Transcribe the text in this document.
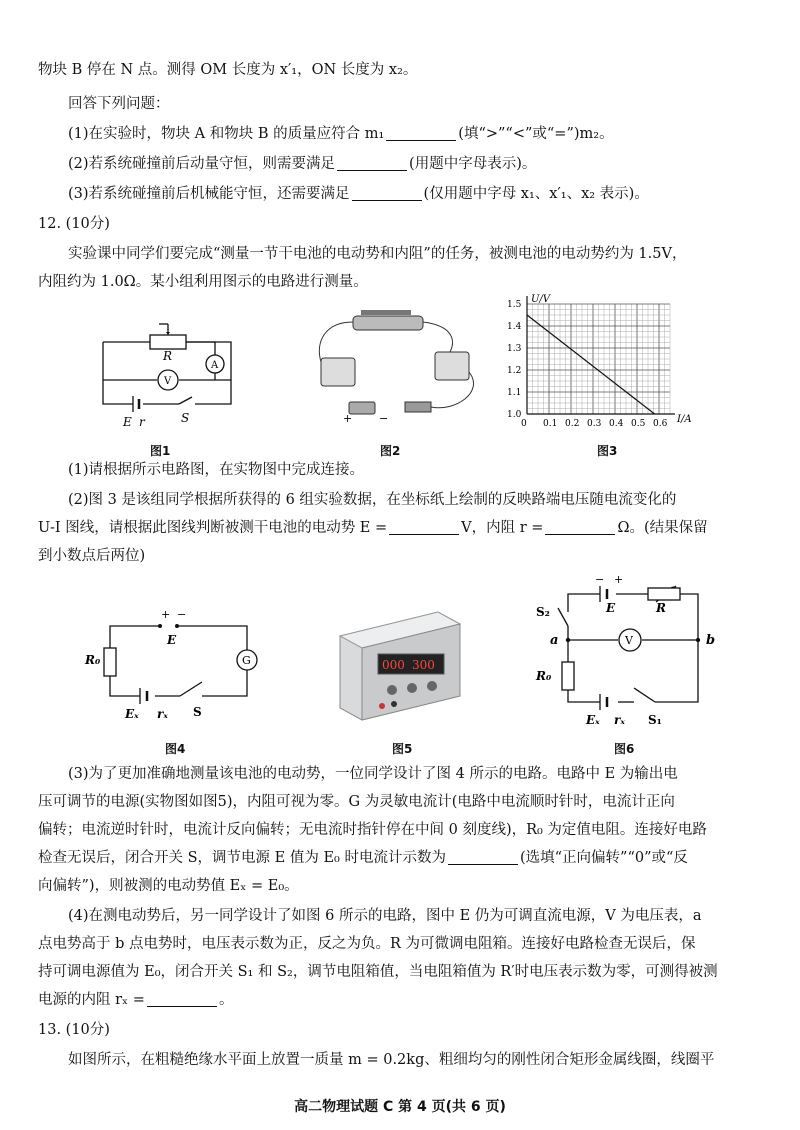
物块 B 停在 N 点。测得 OM 长度为 x′₁，ON 长度为 x₂。
回答下列问题：
(1)在实验时，物块 A 和物块 B 的质量应符合 m₁	(填“>”“<”或“=”)m₂。
(2)若系统碰撞前后动量守恒，则需要满足	(用题中字母表示)。
(3)若系统碰撞前后机械能守恒，还需要满足	(仅用题中字母 x₁、x′₁、x₂ 表示)。
12. (10分)
实验课中同学们要完成“测量一节干电池的电动势和内阻”的任务，被测电池的电动势约为 1.5V，
内阻约为 1.0Ω。某小组利用图示的电路进行测量。
R
A
V
E r	S
图1
+ −
图2
0 0.1 0.2 0.3 0.4 0.5 0.6
1.5
1.4
1.3
1.2
1.1
1.0
U/V
I/A
图3
(1)请根据所示电路图，在实物图中完成连接。
(2)图 3 是该组同学根据所获得的 6 组实验数据，在坐标纸上绘制的反映路端电压随电流变化的
U-I 图线，请根据此图线判断被测干电池的电动势 E =	V，内阻 r =	Ω。(结果保留
到小数点后两位)
+ −
E
R₀	G
Eₓ rₓ S
图4
000 300
图5
− +
S₂	E	R
a	b
V
R₀
Eₓ rₓ S₁
图6
(3)为了更加准确地测量该电池的电动势，一位同学设计了图 4 所示的电路。电路中 E 为输出电
压可调节的电源(实物图如图5)，内阻可视为零。G 为灵敏电流计(电路中电流顺时针时，电流计正向
偏转；电流逆时针时，电流计反向偏转；无电流时指针停在中间 0 刻度线)，R₀ 为定值电阻。连接好电路
检查无误后，闭合开关 S，调节电源 E 值为 E₀ 时电流计示数为	(选填“正向偏转”“0”或“反
向偏转”)，则被测的电动势值 Eₓ = E₀。
(4)在测电动势后，另一同学设计了如图 6 所示的电路，图中 E 仍为可调直流电源，V 为电压表，a
点电势高于 b 点电势时，电压表示数为正，反之为负。R 为可微调电阻箱。连接好电路检查无误后，保
持可调电源值为 E₀，闭合开关 S₁ 和 S₂，调节电阻箱值，当电阻箱值为 R′时电压表示数为零，可测得被测
电源的内阻 rₓ =	。
13. (10分)
如图所示，在粗糙绝缘水平面上放置一质量 m = 0.2kg、粗细均匀的刚性闭合矩形金属线圈，线圈平
高二物理试题 C 第 4 页(共 6 页)
